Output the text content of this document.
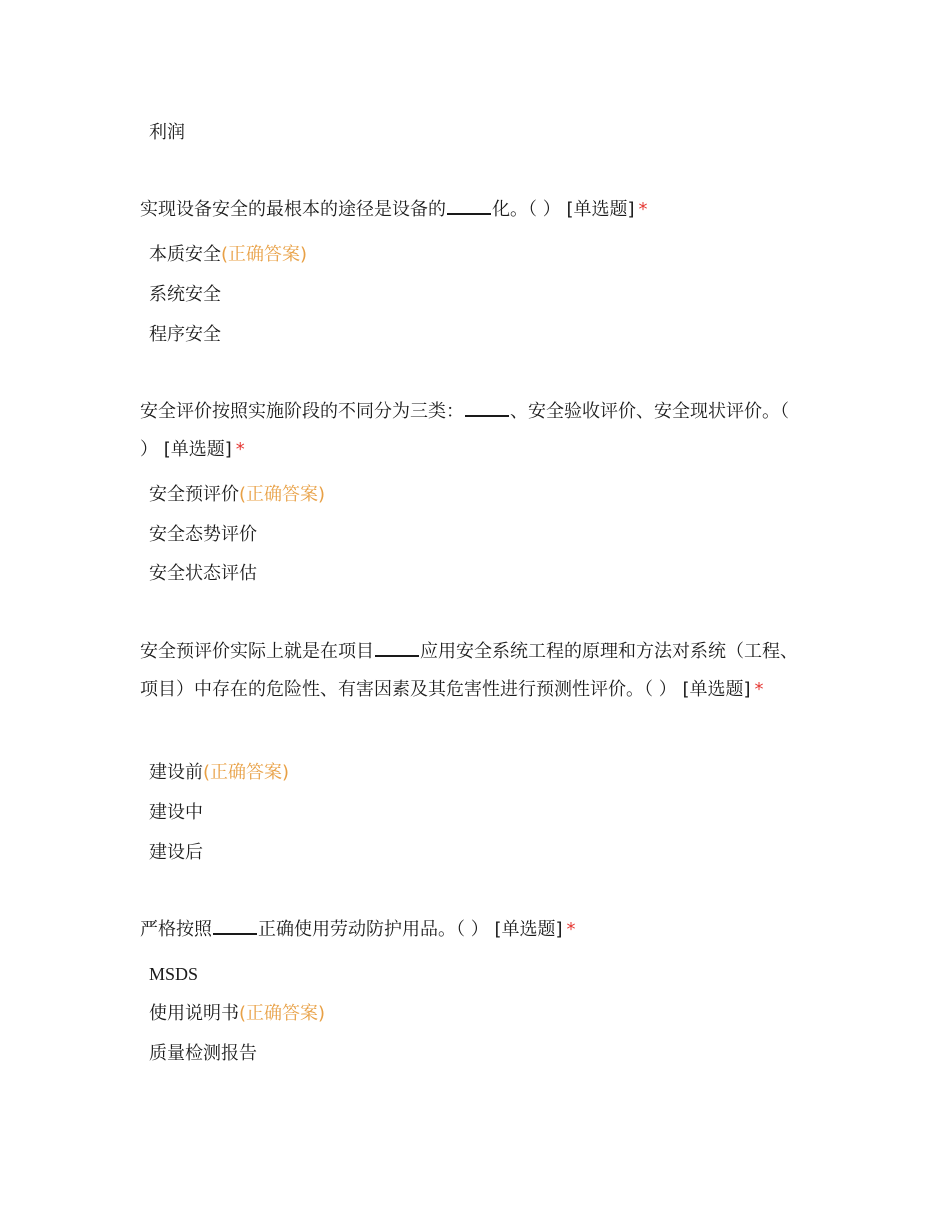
利润
实现设备安全的最根本的途径是设备的	化。（ ） [单选题] *
本质安全(正确答案)
系统安全
程序安全
安全评价按照实施阶段的不同分为三类：	、安全验收评价、安全现状评价。（ ） [单选题] *
安全预评价(正确答案)
安全态势评价
安全状态评估
安全预评价实际上就是在项目	应用安全系统工程的原理和方法对系统（工程、项目）中存在的危险性、有害因素及其危害性进行预测性评价。（ ） [单选题] *
建设前(正确答案)
建设中
建设后
严格按照	正确使用劳动防护用品。（ ） [单选题] *
MSDS
使用说明书(正确答案)
质量检测报告
